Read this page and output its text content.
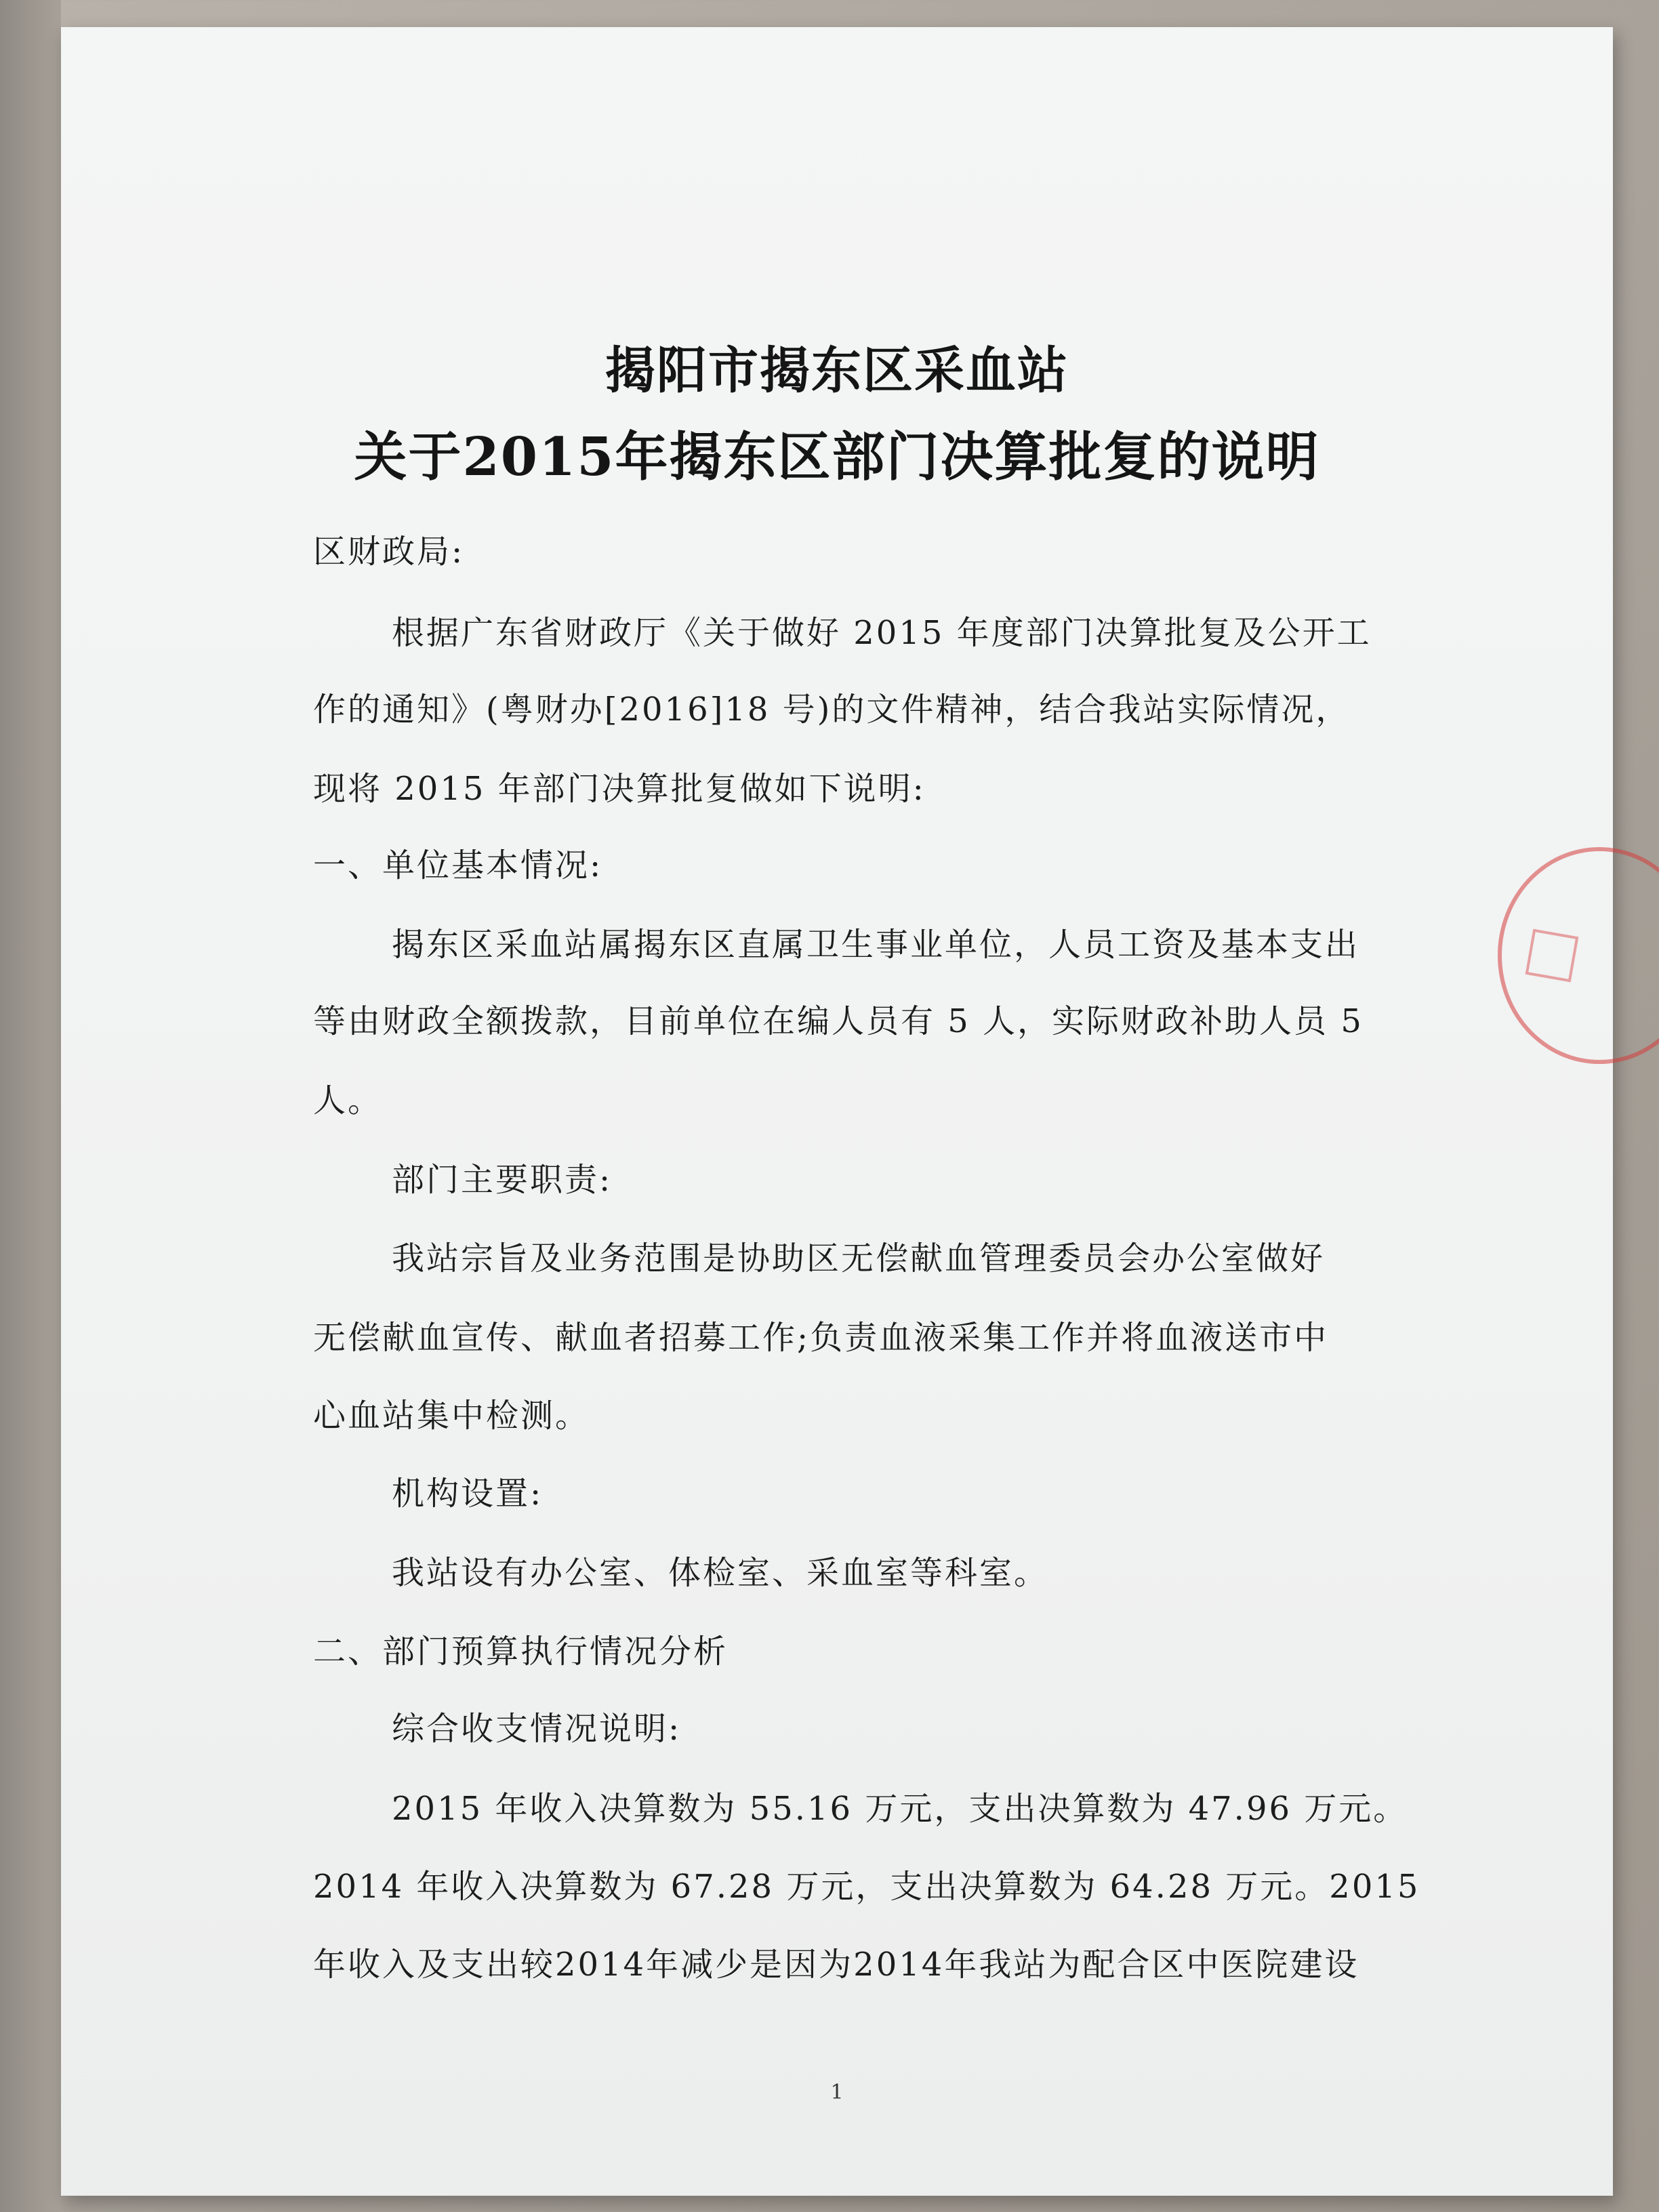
揭阳市揭东区采血站
关于2015年揭东区部门决算批复的说明
区财政局:
根据广东省财政厅《关于做好 2015 年度部门决算批复及公开工
作的通知》(粤财办[2016]18 号)的文件精神，结合我站实际情况，
现将 2015 年部门决算批复做如下说明:
一、单位基本情况:
揭东区采血站属揭东区直属卫生事业单位，人员工资及基本支出
等由财政全额拨款，目前单位在编人员有 5 人，实际财政补助人员 5
人。
部门主要职责:
我站宗旨及业务范围是协助区无偿献血管理委员会办公室做好
无偿献血宣传、献血者招募工作;负责血液采集工作并将血液送市中
心血站集中检测。
机构设置:
我站设有办公室、体检室、采血室等科室。
二、部门预算执行情况分析
综合收支情况说明:
2015 年收入决算数为 55.16 万元，支出决算数为 47.96 万元。
2014 年收入决算数为 67.28 万元，支出决算数为 64.28 万元。2015
年收入及支出较2014年减少是因为2014年我站为配合区中医院建设
1
